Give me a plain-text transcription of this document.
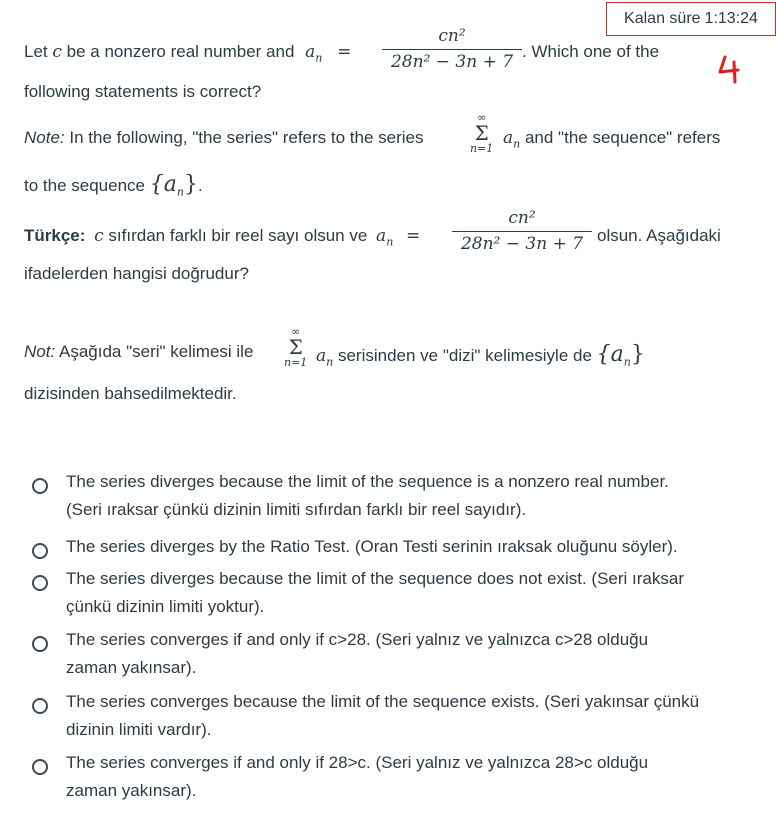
Kalan süre 1:13:24
Let c be a nonzero real number and $a_n$ =
cn²
28n² − 3n + 7
. Which one of the
following statements is correct?
Note: In the following, "the series" refers to the series
∞
Σ
n=1
$a_n$ and "the sequence" refers
to the sequence $\{a_n\}$.
Türkçe: c sıfırdan farklı bir reel sayı olsun ve $a_n$ =
cn²
28n² − 3n + 7 olsun. Aşağıdaki
ifadelerden hangisi doğrudur?
Not: Aşağıda "seri" kelimesi ile
∞
Σ
n=1 $a_n$ serisinden ve "dizi" kelimesiyle de $\{a_n\}$
dizisinden bahsedilmektedir.
The series diverges because the limit of the sequence is a nonzero real number.
(Seri ıraksar çünkü dizinin limiti sıfırdan farklı bir reel sayıdır).
The series diverges by the Ratio Test. (Oran Testi serinin ıraksak oluğunu söyler).
The series diverges because the limit of the sequence does not exist. (Seri ıraksar
çünkü dizinin limiti yoktur).
The series converges if and only if c>28. (Seri yalnız ve yalnızca c>28 olduğu
zaman yakınsar).
The series converges because the limit of the sequence exists. (Seri yakınsar çünkü
dizinin limiti vardır).
The series converges if and only if 28>c. (Seri yalnız ve yalnızca 28>c olduğu
zaman yakınsar).
